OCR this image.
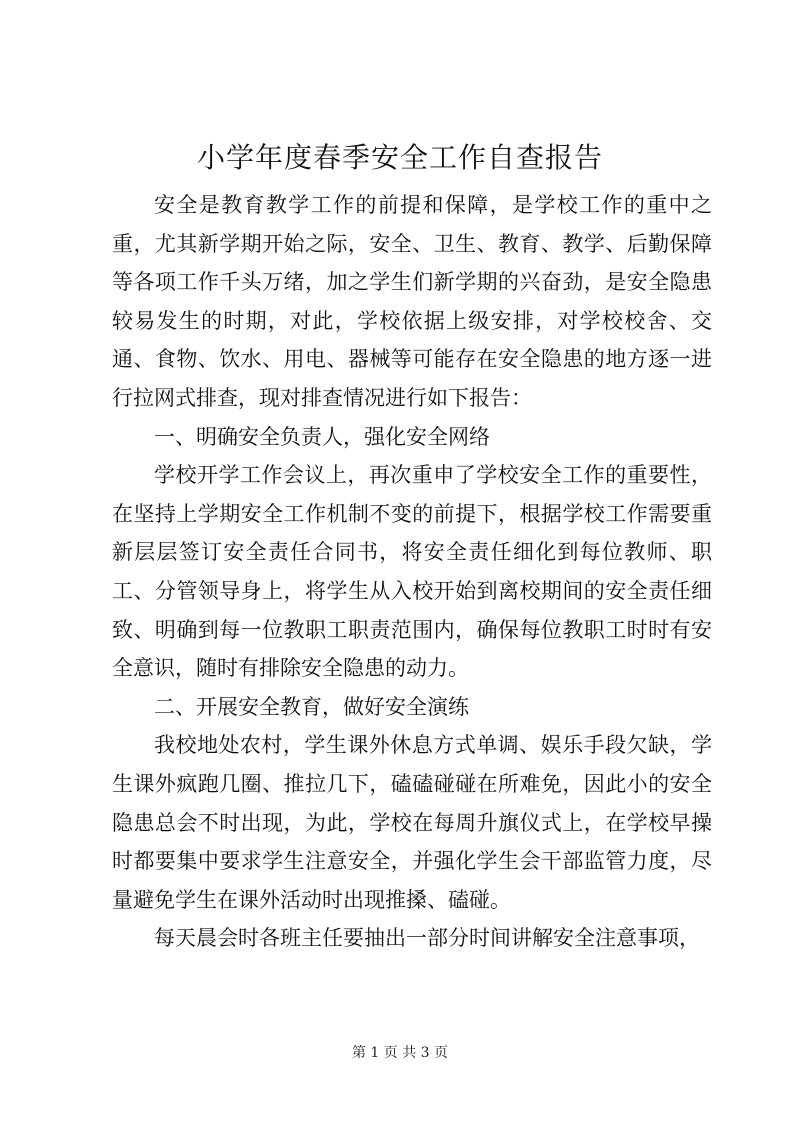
小学年度春季安全工作自查报告

安全是教育教学工作的前提和保障，是学校工作的重中之重，尤其新学期开始之际，安全、卫生、教育、教学、后勤保障等各项工作千头万绪，加之学生们新学期的兴奋劲，是安全隐患较易发生的时期，对此，学校依据上级安排，对学校校舍、交通、食物、饮水、用电、器械等可能存在安全隐患的地方逐一进行拉网式排查，现对排查情况进行如下报告：

一、明确安全负责人，强化安全网络

学校开学工作会议上，再次重申了学校安全工作的重要性，在坚持上学期安全工作机制不变的前提下，根据学校工作需要重新层层签订安全责任合同书，将安全责任细化到每位教师、职工、分管领导身上，将学生从入校开始到离校期间的安全责任细致、明确到每一位教职工职责范围内，确保每位教职工时时有安全意识，随时有排除安全隐患的动力。

二、开展安全教育，做好安全演练

我校地处农村，学生课外休息方式单调、娱乐手段欠缺，学生课外疯跑几圈、推拉几下，磕磕碰碰在所难免，因此小的安全隐患总会不时出现，为此，学校在每周升旗仪式上，在学校早操时都要集中要求学生注意安全，并强化学生会干部监管力度，尽量避免学生在课外活动时出现推搡、磕碰。

每天晨会时各班主任要抽出一部分时间讲解安全注意事项，

第 1 页 共 3 页
